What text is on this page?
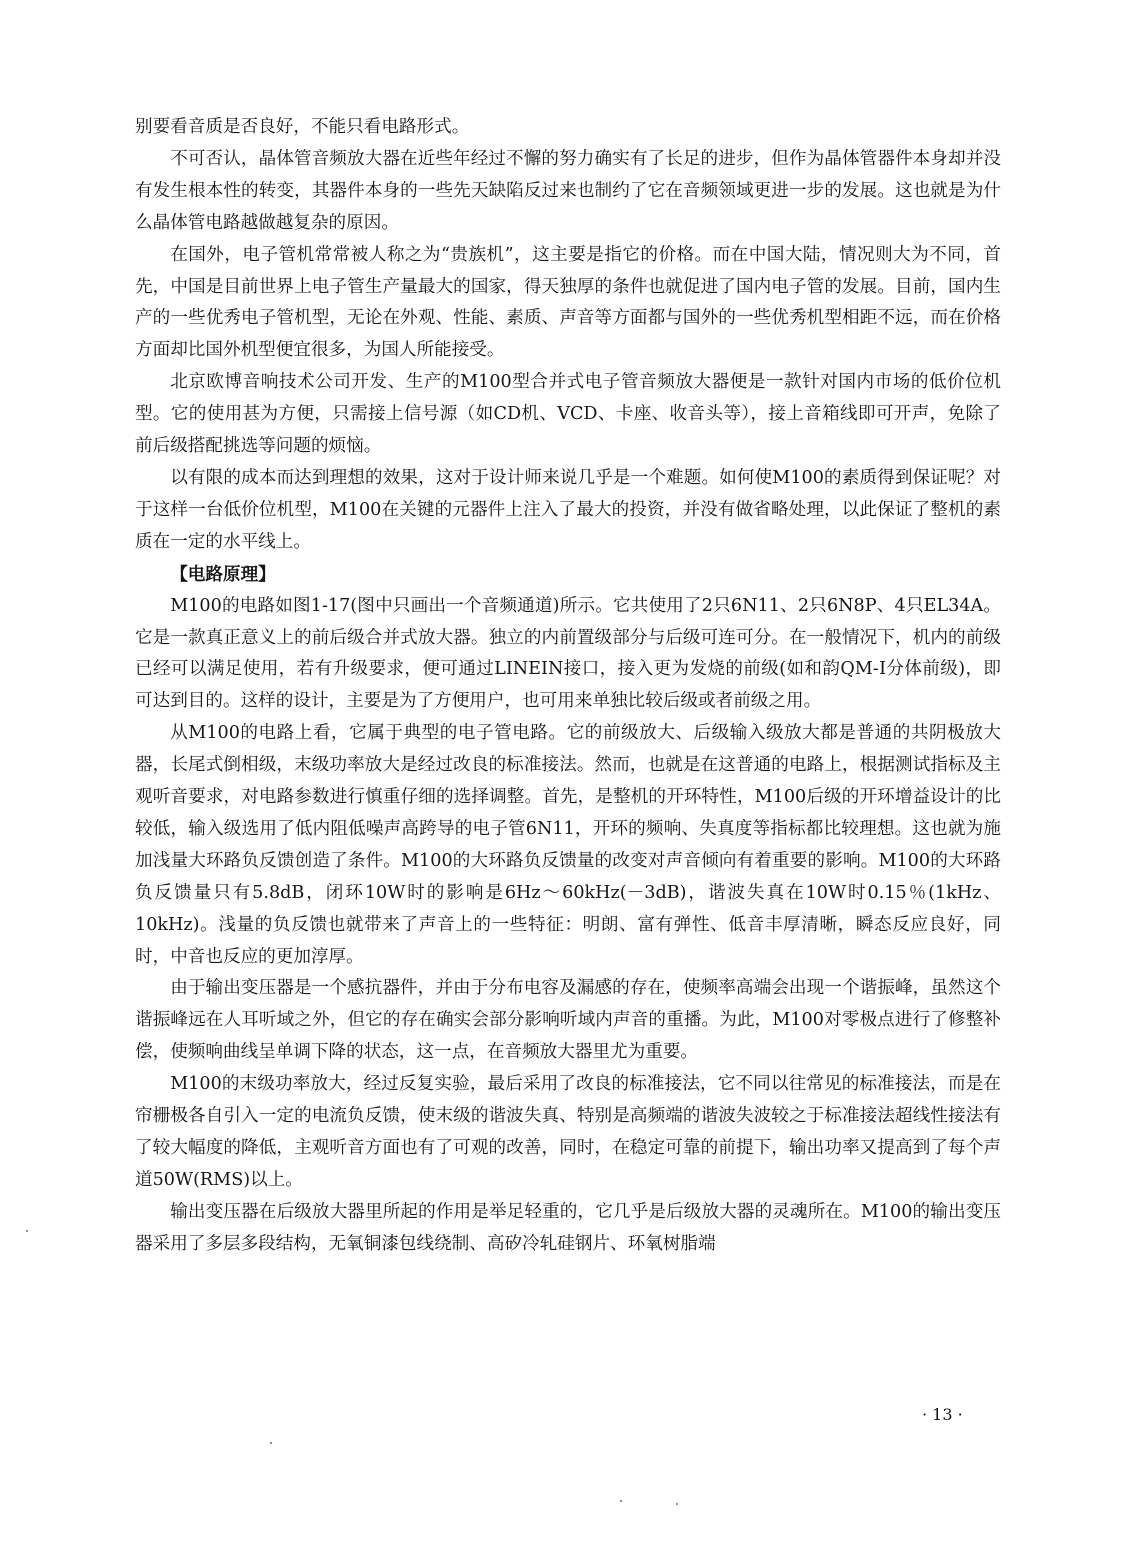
别要看音质是否良好，不能只看电路形式。

不可否认，晶体管音频放大器在近些年经过不懈的努力确实有了长足的进步，但作为晶体管器件本身却并没有发生根本性的转变，其器件本身的一些先天缺陷反过来也制约了它在音频领域更进一步的发展。这也就是为什么晶体管电路越做越复杂的原因。

在国外，电子管机常常被人称之为“贵族机”，这主要是指它的价格。而在中国大陆，情况则大为不同，首先，中国是目前世界上电子管生产量最大的国家，得天独厚的条件也就促进了国内电子管的发展。目前，国内生产的一些优秀电子管机型，无论在外观、性能、素质、声音等方面都与国外的一些优秀机型相距不远，而在价格方面却比国外机型便宜很多，为国人所能接受。

北京欧博音响技术公司开发、生产的M100型合并式电子管音频放大器便是一款针对国内市场的低价位机型。它的使用甚为方便，只需接上信号源（如CD机、VCD、卡座、收音头等），接上音箱线即可开声，免除了前后级搭配挑选等问题的烦恼。

以有限的成本而达到理想的效果，这对于设计师来说几乎是一个难题。如何使M100的素质得到保证呢？对于这样一台低价位机型，M100在关键的元器件上注入了最大的投资，并没有做省略处理，以此保证了整机的素质在一定的水平线上。

【电路原理】

M100的电路如图1-17(图中只画出一个音频通道)所示。它共使用了2只6N11、2只6N8P、4只EL34A。它是一款真正意义上的前后级合并式放大器。独立的内前置级部分与后级可连可分。在一般情况下，机内的前级已经可以满足使用，若有升级要求，便可通过LINEIN接口，接入更为发烧的前级(如和韵QM-Ⅰ分体前级)，即可达到目的。这样的设计，主要是为了方便用户，也可用来单独比较后级或者前级之用。

从M100的电路上看，它属于典型的电子管电路。它的前级放大、后级输入级放大都是普通的共阴极放大器，长尾式倒相级，末级功率放大是经过改良的标准接法。然而，也就是在这普通的电路上，根据测试指标及主观听音要求，对电路参数进行慎重仔细的选择调整。首先，是整机的开环特性，M100后级的开环增益设计的比较低，输入级选用了低内阻低噪声高跨导的电子管6N11，开环的频响、失真度等指标都比较理想。这也就为施加浅量大环路负反馈创造了条件。M100的大环路负反馈量的改变对声音倾向有着重要的影响。M100的大环路负反馈量只有5.8dB，闭环10W时的影响是6Hz～60kHz(－3dB)，谐波失真在10W时0.15％(1kHz、10kHz)。浅量的负反馈也就带来了声音上的一些特征：明朗、富有弹性、低音丰厚清晰，瞬态反应良好，同时，中音也反应的更加淳厚。

由于输出变压器是一个感抗器件，并由于分布电容及漏感的存在，使频率高端会出现一个谐振峰，虽然这个谐振峰远在人耳听域之外，但它的存在确实会部分影响听域内声音的重播。为此，M100对零极点进行了修整补偿，使频响曲线呈单调下降的状态，这一点，在音频放大器里尤为重要。

M100的末级功率放大，经过反复实验，最后采用了改良的标准接法，它不同以往常见的标准接法，而是在帘栅极各自引入一定的电流负反馈，使末级的谐波失真、特别是高频端的谐波失波较之于标准接法超线性接法有了较大幅度的降低，主观听音方面也有了可观的改善，同时，在稳定可靠的前提下，输出功率又提高到了每个声道50W(RMS)以上。

输出变压器在后级放大器里所起的作用是举足轻重的，它几乎是后级放大器的灵魂所在。M100的输出变压器采用了多层多段结构，无氧铜漆包线绕制、高矽冷轧硅钢片、环氧树脂端

· 13 ·
